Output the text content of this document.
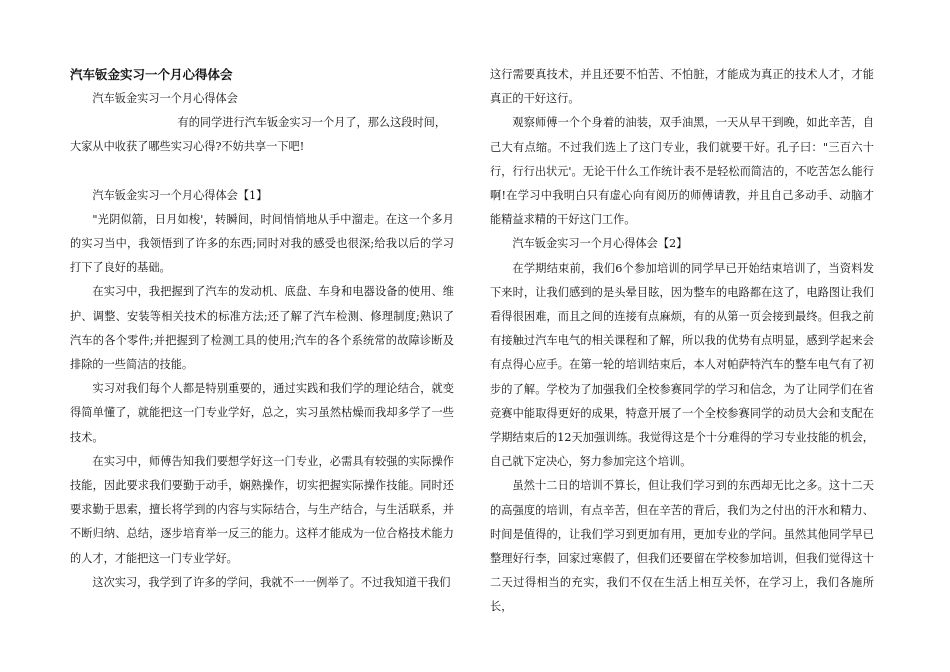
汽车钣金实习一个月心得体会

汽车钣金实习一个月心得体会

有的同学进行汽车钣金实习一个月了，那么这段时间，

大家从中收获了哪些实习心得?不妨共享一下吧!

汽车钣金实习一个月心得体会【1】

"光阴似箭，日月如梭'，转瞬间，时间悄悄地从手中溜走。在这一个多月的实习当中，我领悟到了许多的东西;同时对我的感受也很深;给我以后的学习打下了良好的基础。

在实习中，我把握到了汽车的发动机、底盘、车身和电器设备的使用、维护、调整、安装等相关技术的标准方法;还了解了汽车检测、修理制度;熟识了汽车的各个零件;并把握到了检测工具的使用;汽车的各个系统常的故障诊断及排除的一些简洁的技能。

实习对我们每个人都是特别重要的，通过实践和我们学的理论结合，就变得简单懂了，就能把这一门专业学好，总之，实习虽然枯燥而我却多学了一些技术。

在实习中，师傅告知我们要想学好这一门专业，必需具有较强的实际操作技能，因此要求我们要勤于动手，娴熟操作，切实把握实际操作技能。同时还要求勤于思索，擅长将学到的内容与实际结合，与生产结合，与生活联系，并不断归纳、总结，逐步培育举一反三的能力。这样才能成为一位合格技术能力的人才，才能把这一门专业学好。

这次实习，我学到了许多的学问，我就不一一例举了。不过我知道干我们

这行需要真技术，并且还要不怕苦、不怕脏，才能成为真正的技术人才，才能真正的干好这行。

观察师傅一个个身着的油装，双手油黑，一天从早干到晚，如此辛苦，自己大有点缩。不过我们选上了这门专业，我们就要干好。孔子曰："三百六十行，行行出状元'。无论干什么工作统计表不是轻松而简洁的，不吃苦怎么能行啊!在学习中我明白只有虚心向有阅历的师傅请教，并且自己多动手、动脑才能精益求精的干好这门工作。

汽车钣金实习一个月心得体会【2】

在学期结束前，我们6个参加培训的同学早已开始结束培训了，当资料发下来时，让我们感到的是头晕目眩，因为整车的电路都在这了，电路图让我们看得很困难，而且之间的连接有点麻烦，有的从第一页会接到最终。但我之前有接触过汽车电气的相关课程和了解，所以我的优势有点明显，感到学起来会有点得心应手。在第一轮的培训结束后，本人对帕萨特汽车的整车电气有了初步的了解。学校为了加强我们全校参赛同学的学习和信念，为了让同学们在省竞赛中能取得更好的成果，特意开展了一个全校参赛同学的动员大会和支配在学期结束后的12天加强训练。我觉得这是个十分难得的学习专业技能的机会，自己就下定决心，努力参加完这个培训。

虽然十二日的培训不算长，但让我们学习到的东西却无比之多。这十二天的高强度的培训，有点辛苦，但在辛苦的背后，我们为之付出的汗水和精力、时间是值得的，让我们学习到更加有用，更加专业的学问。虽然其他同学早已整理好行李，回家过寒假了，但我们还要留在学校参加培训，但我们觉得这十二天过得相当的充实，我们不仅在生活上相互关怀，在学习上，我们各施所长，
